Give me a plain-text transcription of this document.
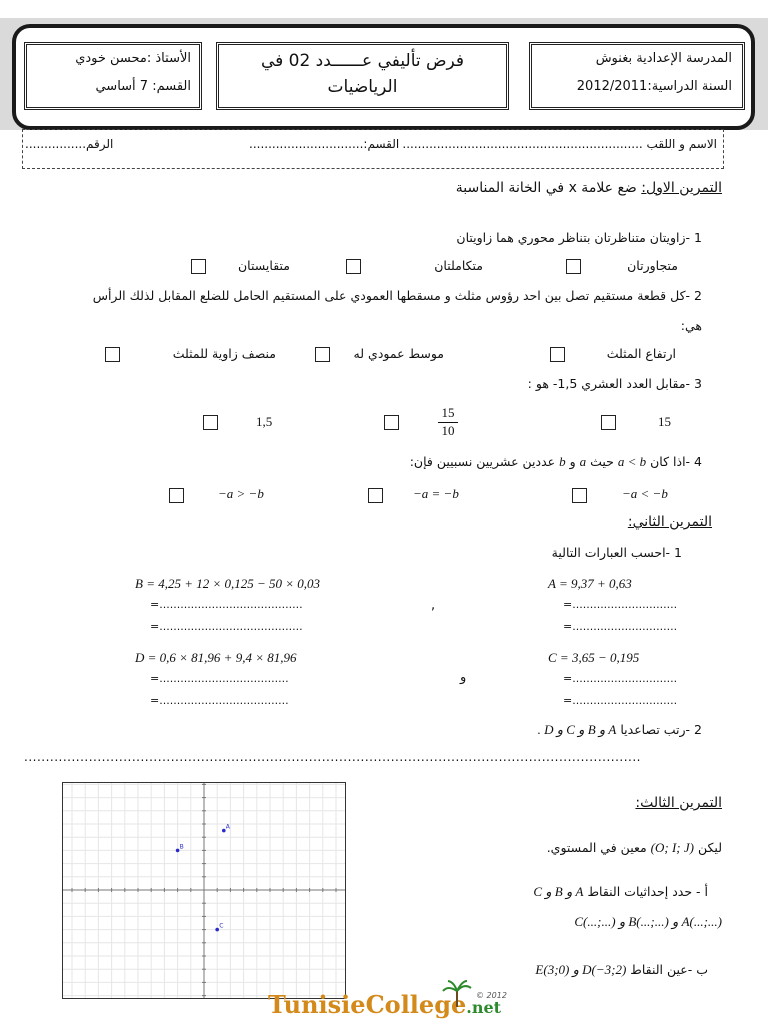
المدرسة الإعدادية بغنوش
السنة الدراسية:2012/2011
فرض تأليفي عــــــدد 02 في
الرياضيات
الأستاذ :محسن خودي
القسم: 7 أساسي
الاسم و اللقب ...............................................................
القسم:..............................
الرقم................
التمرين الاول: ضع علامة x في الخانة المناسبة
1 -زاويتان متناظرتان بتناظر محوري هما زاويتان
متجاورتان
متكاملتان
متقايستان
2 -كل قطعة مستقيم تصل بين احد رؤوس مثلث و مسقطها العمودي على المستقيم الحامل للضلع المقابل لذلك الرأس
هي:
ارتفاع المثلث
موسط عمودي له
منصف زاوية للمثلث
3 -مقابل العدد العشري 1,5- هو :
15
$\frac{15}{10}$
1,5
4 -اذا كان a < b حيث a و b عددين عشريين نسبيين فإن:
−a < −b
−a = −b
−a > −b
التمرين الثاني:
1 -احسب العبارات التالية
A = 9,37 + 0,63
=..............................
=..............................
B = 4,25 + 12 × 0,125 − 50 × 0,03
=.........................................
=.........................................
,
C = 3,65 − 0,195
=..............................
=..............................
D = 0,6 × 81,96 + 9,4 × 81,96
=.....................................
=.....................................
و
2 -رتب تصاعديا A و B و C و D .
...............................................................................................................................................
التمرين الثالث:
ليكن (O; I; J) معين في المستوي.
أ - حدد إحداثيات النقاط A و B و C
C(...;...) و B(...;...) و A(...;...)
ب -عين النقاط D(−3;2) و E(3;0)
A
B
C
TunisieCollege.net
© 2012
